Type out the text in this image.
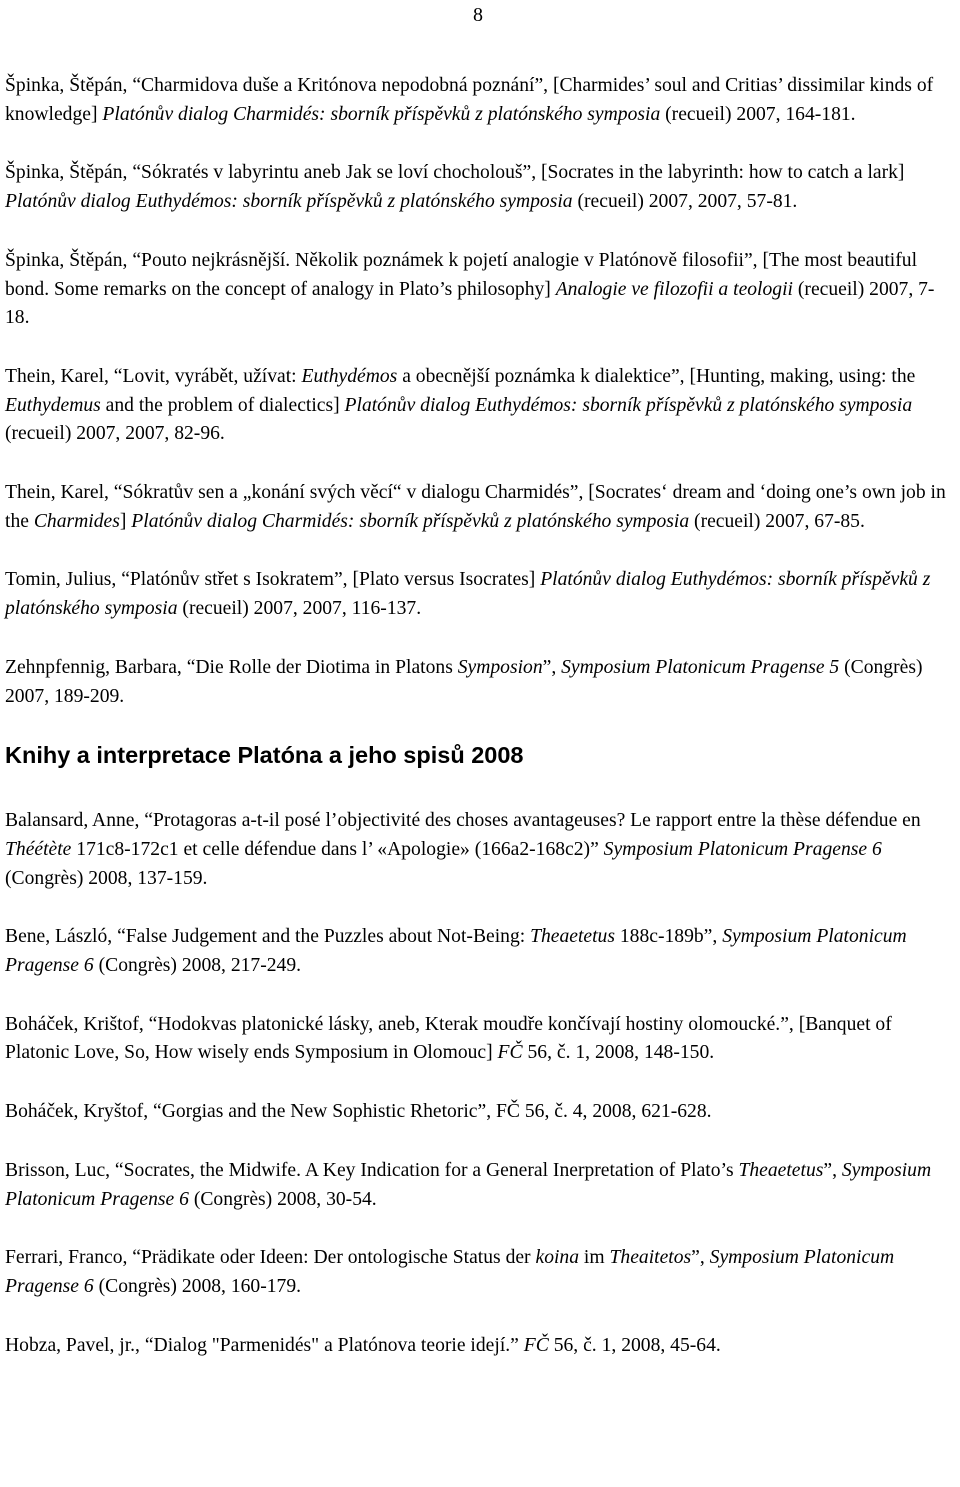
8

Špinka, Štěpán, “Charmidova duše a Kritónova nepodobná poznání”, [Charmides’ soul and Critias’ dissimilar kinds of knowledge] Platónův dialog Charmidés: sborník příspěvků z platónského symposia (recueil) 2007, 164-181.

Špinka, Štěpán, “Sókratés v labyrintu aneb Jak se loví chocholouš”, [Socrates in the labyrinth: how to catch a lark] Platónův dialog Euthydémos: sborník příspěvků z platónského symposia (recueil) 2007, 2007, 57-81.

Špinka, Štěpán, “Pouto nejkrásnější. Několik poznámek k pojetí analogie v Platónově filosofii”, [The most beautiful bond. Some remarks on the concept of analogy in Plato’s philosophy] Analogie ve filozofii a teologii (recueil) 2007, 7-18.

Thein, Karel, “Lovit, vyrábět, užívat: Euthydémos a obecnější poznámka k dialektice”, [Hunting, making, using: the Euthydemus and the problem of dialectics] Platónův dialog Euthydémos: sborník příspěvků z platónského symposia (recueil) 2007, 2007, 82-96.

Thein, Karel, “Sókratův sen a „konání svých věcí“ v dialogu Charmidés”, [Socrates‘ dream and ‘doing one’s own job in the Charmides] Platónův dialog Charmidés: sborník příspěvků z platónského symposia (recueil) 2007, 67-85.

Tomin, Julius, “Platónův střet s Isokratem”, [Plato versus Isocrates] Platónův dialog Euthydémos: sborník příspěvků z platónského symposia (recueil) 2007, 2007, 116-137.

Zehnpfennig, Barbara, “Die Rolle der Diotima in Platons Symposion”, Symposium Platonicum Pragense 5 (Congrès) 2007, 189-209.

Knihy a interpretace Platóna a jeho spisů 2008

Balansard, Anne, “Protagoras a-t-il posé l’objectivité des choses avantageuses? Le rapport entre la thèse défendue en Théétète 171c8-172c1 et celle défendue dans l’ «Apologie» (166a2-168c2)” Symposium Platonicum Pragense 6 (Congrès) 2008, 137-159.

Bene, László, “False Judgement and the Puzzles about Not-Being: Theaetetus 188c-189b”, Symposium Platonicum Pragense 6 (Congrès) 2008, 217-249.

Boháček, Krištof, “Hodokvas platonické lásky, aneb, Kterak moudře končívají hostiny olomoucké.”, [Banquet of Platonic Love, So, How wisely ends Symposium in Olomouc] FČ 56, č. 1, 2008, 148-150.

Boháček, Kryštof, “Gorgias and the New Sophistic Rhetoric”, FČ 56, č. 4, 2008, 621-628.

Brisson, Luc, “Socrates, the Midwife. A Key Indication for a General Inerpretation of Plato’s Theaetetus”, Symposium Platonicum Pragense 6 (Congrès) 2008, 30-54.

Ferrari, Franco, “Prädikate oder Ideen: Der ontologische Status der koina im Theaitetos”, Symposium Platonicum Pragense 6 (Congrès) 2008, 160-179.

Hobza, Pavel, jr., “Dialog "Parmenidés" a Platónova teorie idejí.” FČ 56, č. 1, 2008, 45-64.
